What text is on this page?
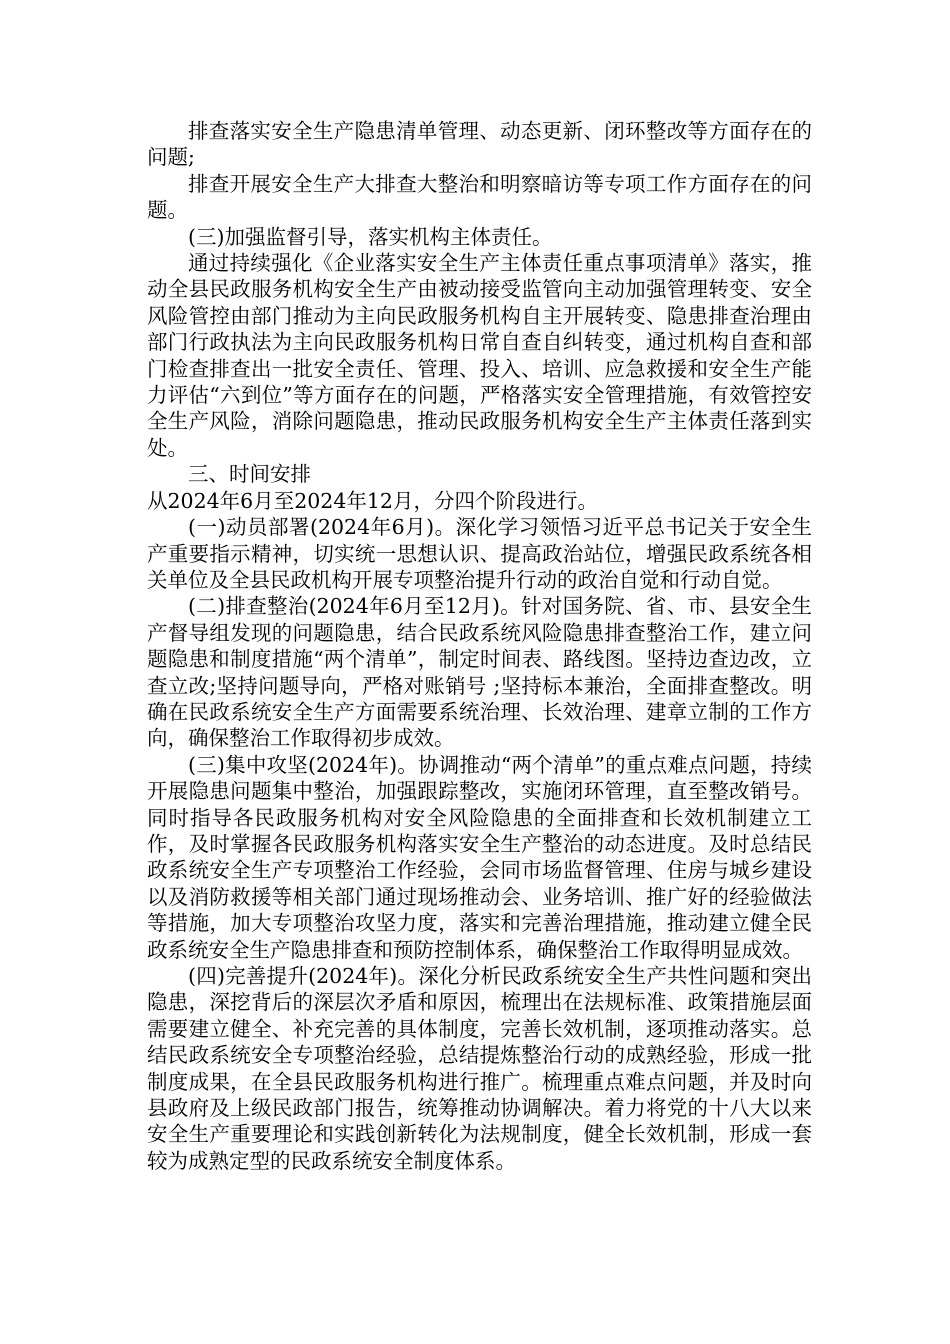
排查落实安全生产隐患清单管理、动态更新、闭环整改等方面存在的问题;

排查开展安全生产大排查大整治和明察暗访等专项工作方面存在的问题。

(三)加强监督引导，落实机构主体责任。

通过持续强化《企业落实安全生产主体责任重点事项清单》落实，推动全县民政服务机构安全生产由被动接受监管向主动加强管理转变、安全风险管控由部门推动为主向民政服务机构自主开展转变、隐患排查治理由部门行政执法为主向民政服务机构日常自查自纠转变，通过机构自查和部门检查排查出一批安全责任、管理、投入、培训、应急救援和安全生产能力评估“六到位”等方面存在的问题，严格落实安全管理措施，有效管控安全生产风险，消除问题隐患，推动民政服务机构安全生产主体责任落到实处。

三、时间安排

从2024年6月至2024年12月，分四个阶段进行。

(一)动员部署(2024年6月)。深化学习领悟习近平总书记关于安全生产重要指示精神，切实统一思想认识、提高政治站位，增强民政系统各相关单位及全县民政机构开展专项整治提升行动的政治自觉和行动自觉。

(二)排查整治(2024年6月至12月)。针对国务院、省、市、县安全生产督导组发现的问题隐患，结合民政系统风险隐患排查整治工作，建立问题隐患和制度措施“两个清单”，制定时间表、路线图。坚持边查边改，立查立改;坚持问题导向，严格对账销号 ;坚持标本兼治，全面排查整改。明确在民政系统安全生产方面需要系统治理、长效治理、建章立制的工作方向，确保整治工作取得初步成效。

(三)集中攻坚(2024年)。协调推动“两个清单”的重点难点问题，持续开展隐患问题集中整治，加强跟踪整改，实施闭环管理，直至整改销号。同时指导各民政服务机构对安全风险隐患的全面排查和长效机制建立工作，及时掌握各民政服务机构落实安全生产整治的动态进度。及时总结民政系统安全生产专项整治工作经验，会同市场监督管理、住房与城乡建设以及消防救援等相关部门通过现场推动会、业务培训、推广好的经验做法等措施，加大专项整治攻坚力度，落实和完善治理措施，推动建立健全民政系统安全生产隐患排查和预防控制体系，确保整治工作取得明显成效。

(四)完善提升(2024年)。深化分析民政系统安全生产共性问题和突出隐患，深挖背后的深层次矛盾和原因，梳理出在法规标准、政策措施层面需要建立健全、补充完善的具体制度，完善长效机制，逐项推动落实。总结民政系统安全专项整治经验，总结提炼整治行动的成熟经验，形成一批制度成果，在全县民政服务机构进行推广。梳理重点难点问题，并及时向县政府及上级民政部门报告，统筹推动协调解决。着力将党的十八大以来安全生产重要理论和实践创新转化为法规制度，健全长效机制，形成一套较为成熟定型的民政系统安全制度体系。
